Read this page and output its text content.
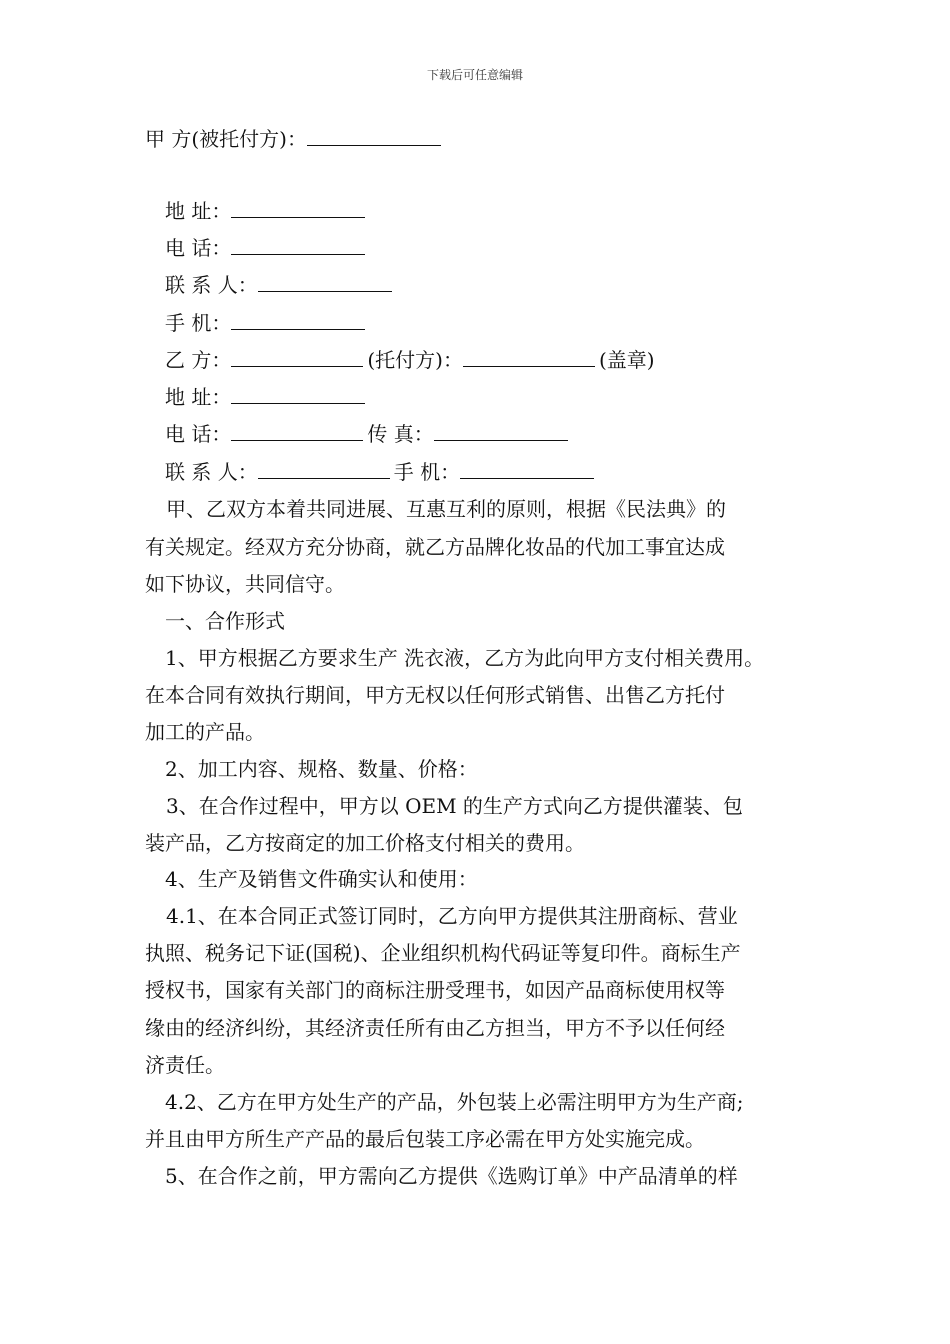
下载后可任意编辑
甲 方(被托付方)：
地 址：
电 话：
联 系 人：
手 机：
乙 方：	(托付方)：	(盖章)
地 址：
电 话：	传 真：
联 系 人：	手 机：
甲、乙双方本着共同进展、互惠互利的原则，根据《民法典》的
有关规定。经双方充分协商，就乙方品牌化妆品的代加工事宜达成
如下协议，共同信守。
一、合作形式
1、甲方根据乙方要求生产 洗衣液，乙方为此向甲方支付相关费用。
在本合同有效执行期间，甲方无权以任何形式销售、出售乙方托付
加工的产品。
2、加工内容、规格、数量、价格：
3、在合作过程中，甲方以 OEM 的生产方式向乙方提供灌装、包
装产品，乙方按商定的加工价格支付相关的费用。
4、生产及销售文件确实认和使用：
4.1、在本合同正式签订同时，乙方向甲方提供其注册商标、营业
执照、税务记下证(国税)、企业组织机构代码证等复印件。商标生产
授权书，国家有关部门的商标注册受理书，如因产品商标使用权等
缘由的经济纠纷，其经济责任所有由乙方担当，甲方不予以任何经
济责任。
4.2、乙方在甲方处生产的产品，外包装上必需注明甲方为生产商;
并且由甲方所生产产品的最后包装工序必需在甲方处实施完成。
5、在合作之前，甲方需向乙方提供《选购订单》中产品清单的样
